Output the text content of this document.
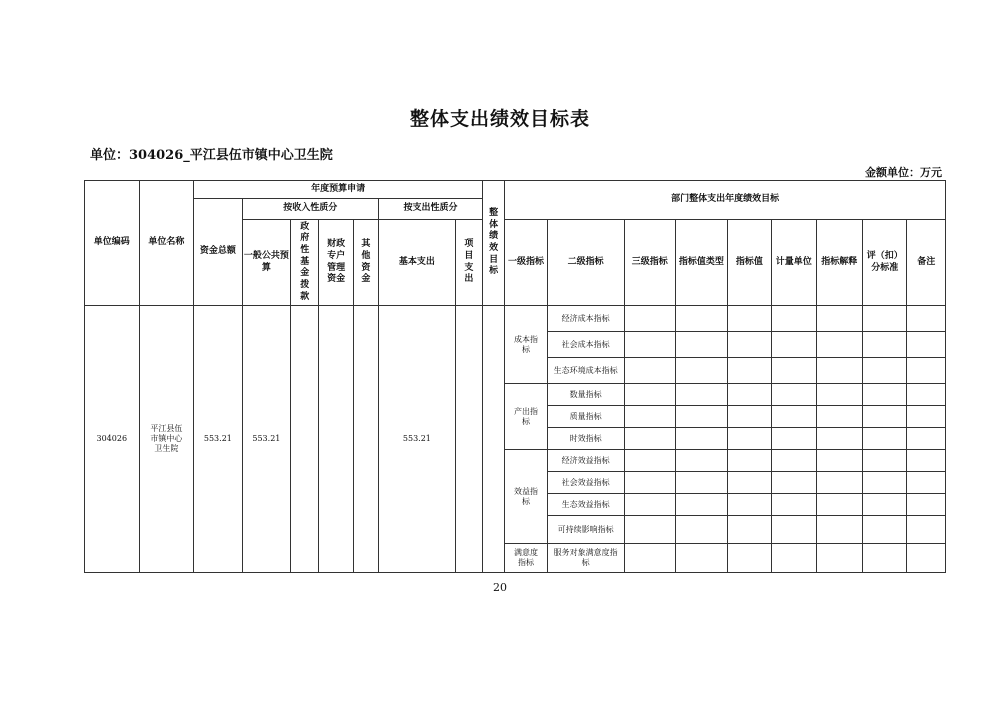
整体支出绩效目标表
单位：304026_平江县伍市镇中心卫生院
金额单位：万元
单位编码	单位名称	年度预算申请							整体绩效目标	部门整体支出年度绩效目标								
		资金总额	按收入性质分				按支出性质分											
			一般公共预算	政府性基金拨款	财政专户管理资金	其他资金	基本支出	项目支出		一级指标	二级指标	三级指标	指标值类型	指标值	计量单位	指标解释	评（扣）分标准	备注
304026	平江县伍市镇中心卫生院	553.21	553.21				553.21			成本指标	经济成本指标							
											社会成本指标							
											生态环境成本指标							
										产出指标	数量指标							
											质量指标							
											时效指标							
										效益指标	经济效益指标							
											社会效益指标							
											生态效益指标							
											可持续影响指标							
										满意度指标	服务对象满意度指标							
20
